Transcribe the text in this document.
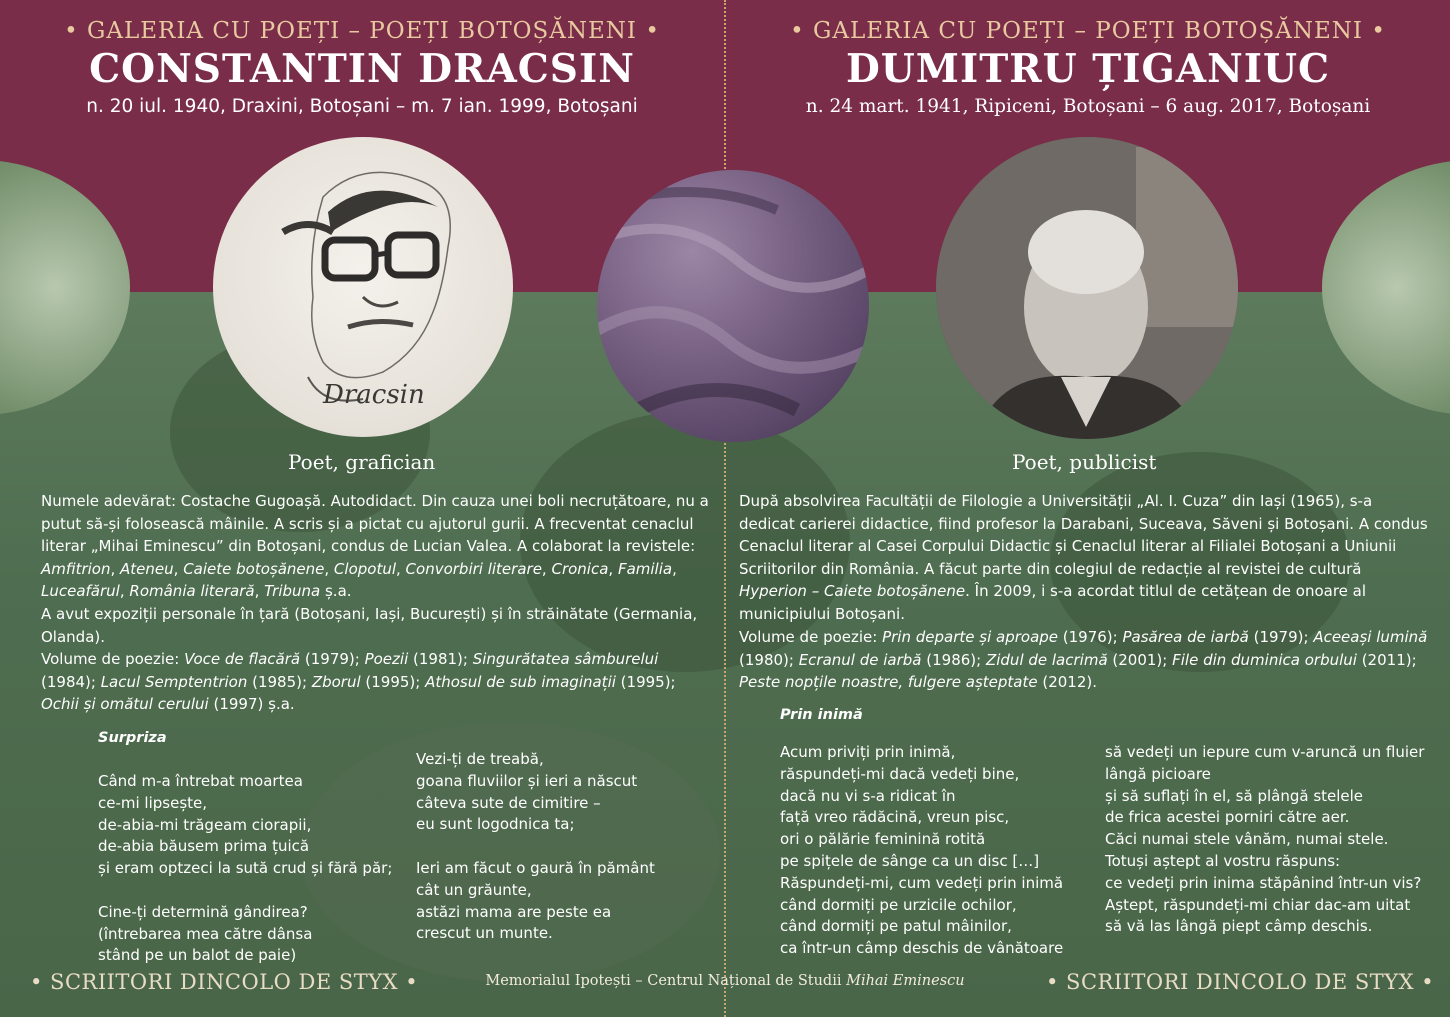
• GALERIA CU POEȚI – POEȚI BOTOȘĂNENI •
CONSTANTIN DRACSIN
n. 20 iul. 1940, Draxini, Botoșani – m. 7 ian. 1999, Botoșani
• GALERIA CU POEȚI – POEȚI BOTOȘĂNENI •
DUMITRU ȚIGANIUC
n. 24 mart. 1941, Ripiceni, Botoșani – 6 aug. 2017, Botoșani
Dracsin
Poet, grafician	Poet, publicist
Numele adevărat: Costache Gugoașă. Autodidact. Din cauza unei boli necruțătoare, nu a putut să-și folosească mâinile. A scris și a pictat cu ajutorul gurii. A frecventat cenaclul literar „Mihai Eminescu” din Botoșani, condus de Lucian Valea. A colaborat la revistele: Amfitrion, Ateneu, Caiete botoșănene, Clopotul, Convorbiri literare, Cronica, Familia, Luceafărul, România literară, Tribuna ș.a.
A avut expoziții personale în țară (Botoșani, Iași, București) și în străinătate (Germania, Olanda).
Volume de poezie: Voce de flacără (1979); Poezii (1981); Singurătatea sâmburelui (1984); Lacul Semptentrion (1985); Zborul (1995); Athosul de sub imaginații (1995); Ochii și omătul cerului (1997) ș.a.
Surpriza
Când m-a întrebat moartea
ce-mi lipsește,
de-abia-mi trăgeam ciorapii,
de-abia băusem prima țuică
și eram optzeci la sută crud și fără păr;

Cine-ți determină gândirea?
(întrebarea mea către dânsa
stând pe un balot de paie)
Vezi-ți de treabă,
goana fluviilor și ieri a născut
câteva sute de cimitire –
eu sunt logodnica ta;

Ieri am făcut o gaură în pământ
cât un grăunte,
astăzi mama are peste ea
crescut un munte.
După absolvirea Facultății de Filologie a Universității „Al. I. Cuza” din Iași (1965), s-a dedicat carierei didactice, fiind profesor la Darabani, Suceava, Săveni și Botoșani. A condus Cenaclul literar al Casei Corpului Didactic și Cenaclul literar al Filialei Botoșani a Uniunii Scriitorilor din România. A făcut parte din colegiul de redacție al revistei de cultură Hyperion – Caiete botoșănene. În 2009, i s-a acordat titlul de cetățean de onoare al municipiului Botoșani.
Volume de poezie: Prin departe și aproape (1976); Pasărea de iarbă (1979); Aceeași lumină (1980); Ecranul de iarbă (1986); Zidul de lacrimă (2001); File din duminica orbului (2011); Peste nopțile noastre, fulgere așteptate (2012).
Prin inimă
Acum priviți prin inimă,
răspundeți-mi dacă vedeți bine,
dacă nu vi s-a ridicat în
față vreo rădăcină, vreun pisc,
ori o pălărie feminină rotită
pe spițele de sânge ca un disc […]
Răspundeți-mi, cum vedeți prin inimă
când dormiți pe urzicile ochilor,
când dormiți pe patul mâinilor,
ca într-un câmp deschis de vânătoare
să vedeți un iepure cum v-aruncă un fluier
lângă picioare
și să suflați în el, să plângă stelele
de frica acestei porniri către aer.
Căci numai stele vânăm, numai stele.
Totuși aștept al vostru răspuns:
ce vedeți prin inima stăpânind într-un vis?
Aștept, răspundeți-mi chiar dac-am uitat
să vă las lângă piept câmp deschis.
• SCRIITORI DINCOLO DE STYX •	• SCRIITORI DINCOLO DE STYX •
Memorialul Ipotești – Centrul Național de Studii Mihai Eminescu
